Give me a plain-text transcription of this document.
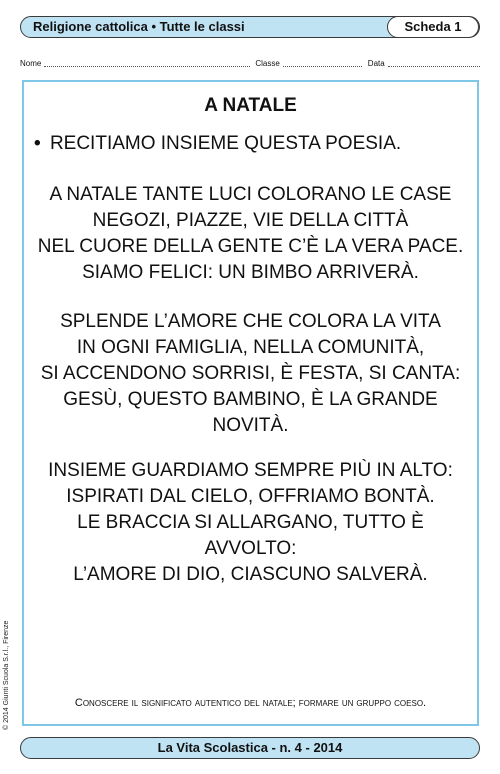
Religione cattolica • Tutte le classi	Scheda 1
Nome	Classe	Data
A NATALE
• RECITIAMO INSIEME QUESTA POESIA.
A NATALE TANTE LUCI COLORANO LE CASE
NEGOZI, PIAZZE, VIE DELLA CITTÀ
NEL CUORE DELLA GENTE C’È LA VERA PACE.
SIAMO FELICI: UN BIMBO ARRIVERÀ.
SPLENDE L’AMORE CHE COLORA LA VITA
IN OGNI FAMIGLIA, NELLA COMUNITÀ,
SI ACCENDONO SORRISI, È FESTA, SI CANTA:
GESÙ, QUESTO BAMBINO, È LA GRANDE
NOVITÀ.
INSIEME GUARDIAMO SEMPRE PIÙ IN ALTO:
ISPIRATI DAL CIELO, OFFRIAMO BONTÀ.
LE BRACCIA SI ALLARGANO, TUTTO È
AVVOLTO:
L’AMORE DI DIO, CIASCUNO SALVERÀ.
Conoscere il significato autentico del natale; formare un gruppo coeso.
© 2014 Giunti Scuola S.r.l., Firenze
La Vita Scolastica - n. 4 - 2014
